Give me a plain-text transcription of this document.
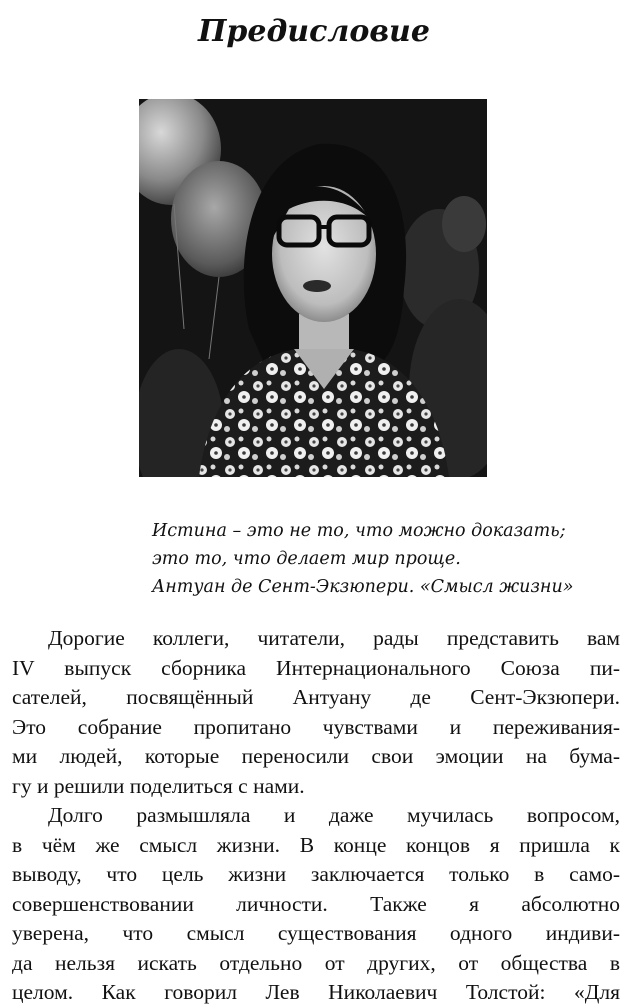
Предисловие
Истина – это не то, что можно доказать;
это то, что делает мир проще.
Антуан де Сент-Экзюпери. «Смысл жизни»
Дорогие коллеги, читатели, рады представить вам
IV выпуск сборника Интернационального Союза пи-
сателей, посвящённый Антуану де Сент-Экзюпери.
Это собрание пропитано чувствами и переживания-
ми людей, которые переносили свои эмоции на бума-
гу и решили поделиться с нами.
Долго размышляла и даже мучилась вопросом,
в чём же смысл жизни. В конце концов я пришла к
выводу, что цель жизни заключается только в само-
совершенствовании личности. Также я абсолютно
уверена, что смысл существования одного индиви-
да нельзя искать отдельно от других, от общества в
целом. Как говорил Лев Николаевич Толстой: «Для
